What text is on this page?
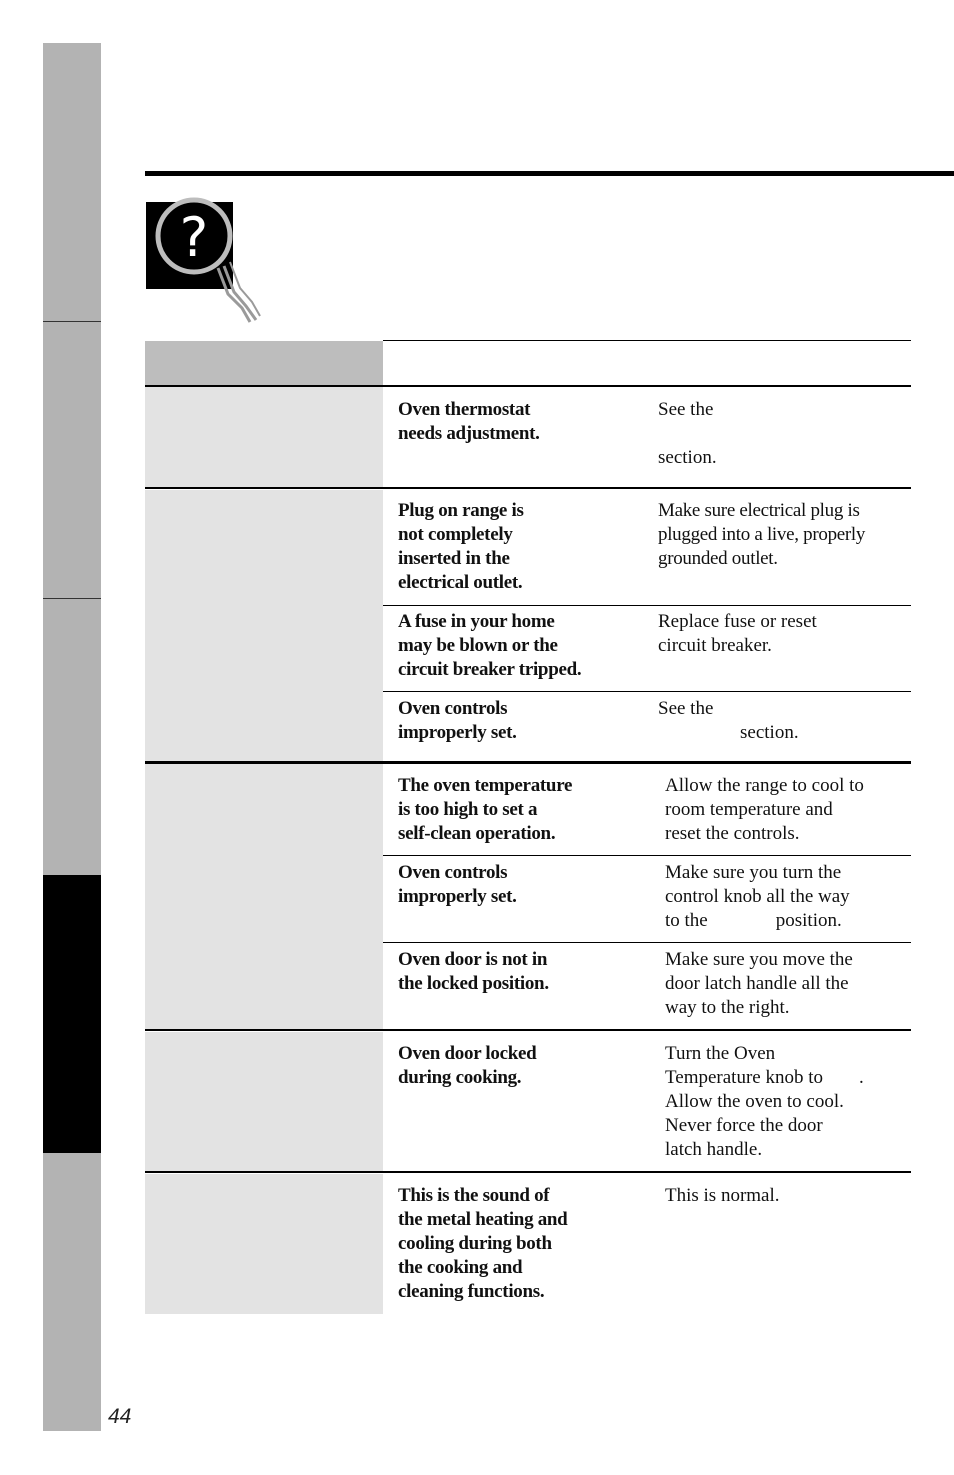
?
Oven thermostat
needs adjustment.
See the
section.
Plug on range is
not completely
inserted in the
electrical outlet.
Make sure electrical plug is
plugged into a live, properly
grounded outlet.
A fuse in your home
may be blown or the
circuit breaker tripped.
Replace fuse or reset
circuit breaker.
Oven controls
improperly set.
See the
section.
The oven temperature
is too high to set a
self-clean operation.
Allow the range to cool to
room temperature and
reset the controls.
Oven controls
improperly set.
Make sure you turn the
control knob all the way
to the	position.
Oven door is not in
the locked position.
Make sure you move the
door latch handle all the
way to the right.
Oven door locked
during cooking.
Turn the Oven
Temperature knob to .
Allow the oven to cool.
Never force the door
latch handle.
This is the sound of
the metal heating and
cooling during both
the cooking and
cleaning functions.
This is normal.
44
